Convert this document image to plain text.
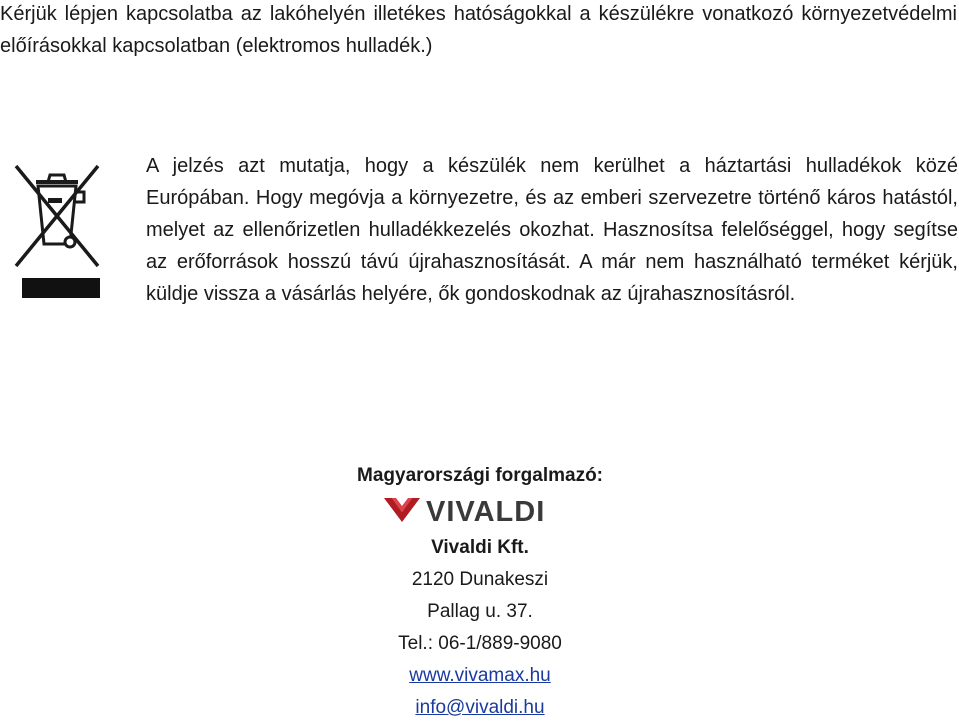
Kérjük lépjen kapcsolatba az lakóhelyén illetékes hatóságokkal a készülékre vonatkozó környezetvédelmi előírásokkal kapcsolatban (elektromos hulladék.)

A jelzés azt mutatja, hogy a készülék nem kerülhet a háztartási hulladékok közé Európában. Hogy megóvja a környezetre, és az emberi szervezetre történő káros hatástól, melyet az ellenőrizetlen hulladékkezelés okozhat. Hasznosítsa felelőséggel, hogy segítse az erőforrások hosszú távú újrahasznosítását. A már nem használható terméket kérjük, küldje vissza a vásárlás helyére, ők gondoskodnak az újrahasznosításról.

Magyarországi forgalmazó:
VIVALDI
Vivaldi Kft.
2120 Dunakeszi
Pallag u. 37.
Tel.: 06-1/889-9080
www.vivamax.hu
info@vivaldi.hu
